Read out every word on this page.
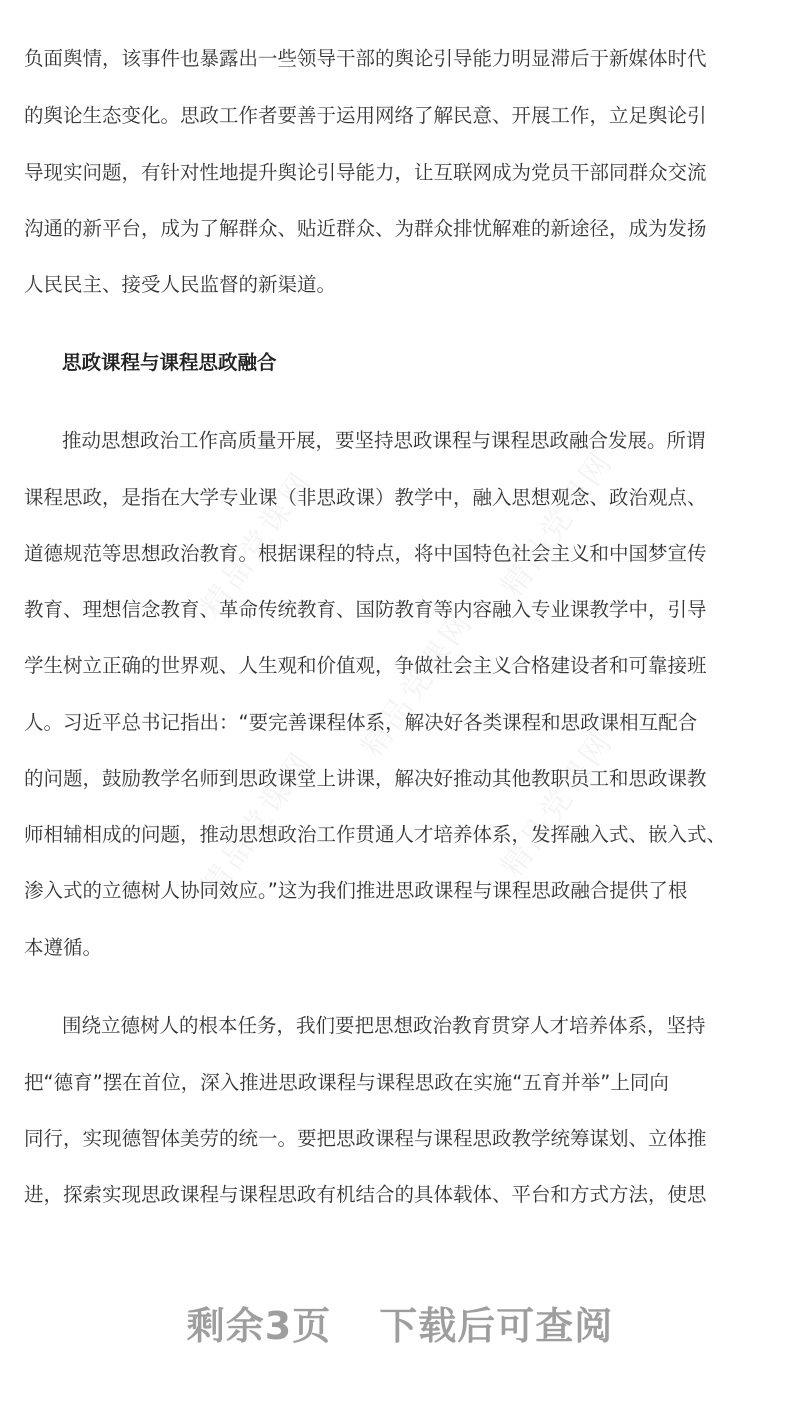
精品党课网	精品党课网
精品党课网	精品党课网
精品党课网
负面舆情，该事件也暴露出一些领导干部的舆论引导能力明显滞后于新媒体时代
的舆论生态变化。思政工作者要善于运用网络了解民意、开展工作，立足舆论引
导现实问题，有针对性地提升舆论引导能力，让互联网成为党员干部同群众交流
沟通的新平台，成为了解群众、贴近群众、为群众排忧解难的新途径，成为发扬
人民民主、接受人民监督的新渠道。
思政课程与课程思政融合
推动思想政治工作高质量开展，要坚持思政课程与课程思政融合发展。所谓
课程思政，是指在大学专业课（非思政课）教学中，融入思想观念、政治观点、
道德规范等思想政治教育。根据课程的特点，将中国特色社会主义和中国梦宣传
教育、理想信念教育、革命传统教育、国防教育等内容融入专业课教学中，引导
学生树立正确的世界观、人生观和价值观，争做社会主义合格建设者和可靠接班
人。习近平总书记指出：“要完善课程体系，解决好各类课程和思政课相互配合
的问题，鼓励教学名师到思政课堂上讲课，解决好推动其他教职员工和思政课教
师相辅相成的问题，推动思想政治工作贯通人才培养体系，发挥融入式、嵌入式、
渗入式的立德树人协同效应。”这为我们推进思政课程与课程思政融合提供了根
本遵循。
围绕立德树人的根本任务，我们要把思想政治教育贯穿人才培养体系，坚持
把“德育”摆在首位，深入推进思政课程与课程思政在实施“五育并举”上同向
同行，实现德智体美劳的统一。要把思政课程与课程思政教学统筹谋划、立体推
进，探索实现思政课程与课程思政有机结合的具体载体、平台和方式方法，使思
剩余3页 下载后可查阅
